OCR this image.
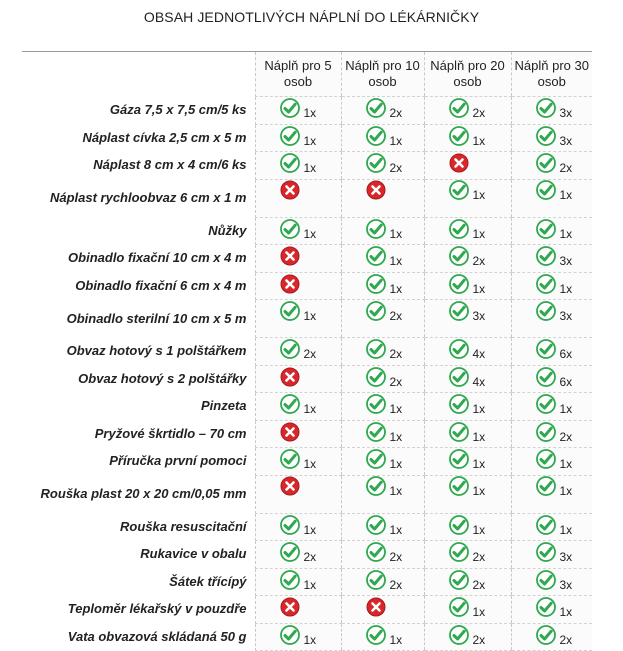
OBSAH JEDNOTLIVÝCH NÁPLNÍ DO LÉKÁRNIČKY
	Náplň pro 5 osob	Náplň pro 10 osob	Náplň pro 20 osob	Náplň pro 30 osob
Gáza 7,5 x 7,5 cm/5 ks	1x	2x	2x	3x

Náplast cívka 2,5 cm x 5 m	1x	1x	1x	3x

Náplast 8 cm x 4 cm/6 ks	1x	2x		2x

Náplast rychloobvaz 6 cm x 1 m			1x	1x

Nůžky	1x	1x	1x	1x

Obinadlo fixační 10 cm x 4 m		1x	2x	3x

Obinadlo fixační 6 cm x 4 m		1x	1x	1x

Obinadlo sterilní 10 cm x 5 m	1x	2x	3x	3x

Obvaz hotový s 1 polštářkem	2x	2x	4x	6x

Obvaz hotový s 2 polštářky		2x	4x	6x

Pinzeta	1x	1x	1x	1x

Pryžové škrtidlo – 70 cm		1x	1x	2x

Příručka první pomoci	1x	1x	1x	1x

Rouška plast 20 x 20 cm/0,05 mm		1x	1x	1x

Rouška resuscitační	1x	1x	1x	1x

Rukavice v obalu	2x	2x	2x	3x

Šátek třícípý	1x	2x	2x	3x

Teploměr lékařský v pouzdře			1x	1x

Vata obvazová skládaná 50 g	1x	1x	2x	2x
